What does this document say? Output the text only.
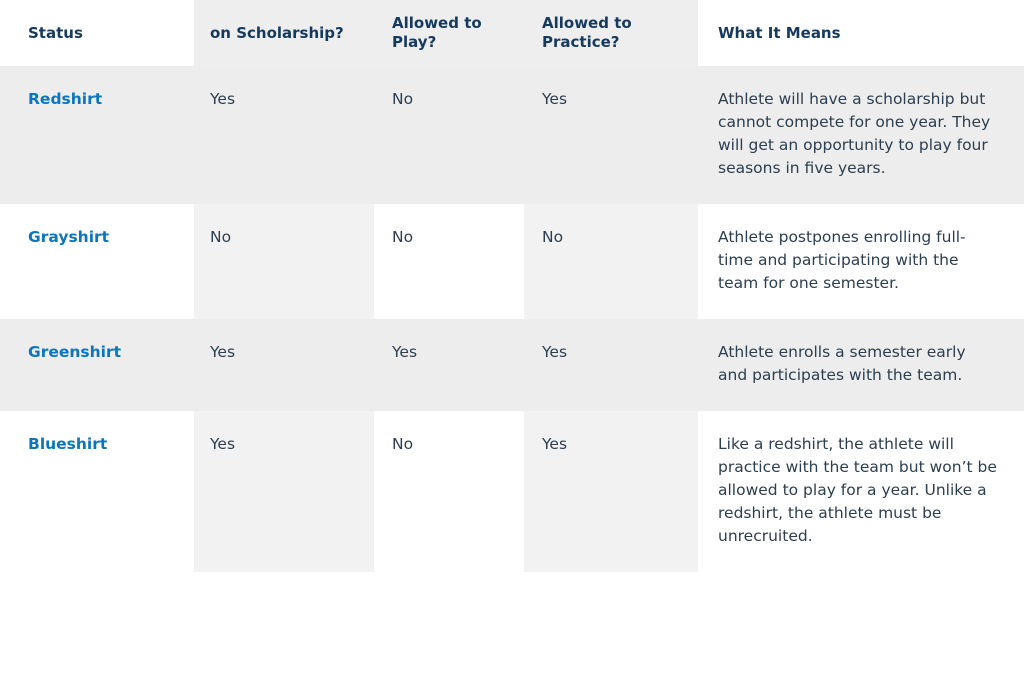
Status	on Scholarship?	Allowed to Play?	Allowed to Practice?	What It Means
Redshirt	Yes	No	Yes	Athlete will have a scholarship but cannot compete for one year. They will get an opportunity to play four seasons in five years.
Grayshirt	No	No	No	Athlete postpones enrolling full-time and participating with the team for one semester.
Greenshirt	Yes	Yes	Yes	Athlete enrolls a semester early and participates with the team.
Blueshirt	Yes	No	Yes	Like a redshirt, the athlete will practice with the team but won’t be allowed to play for a year. Unlike a redshirt, the athlete must be unrecruited.
